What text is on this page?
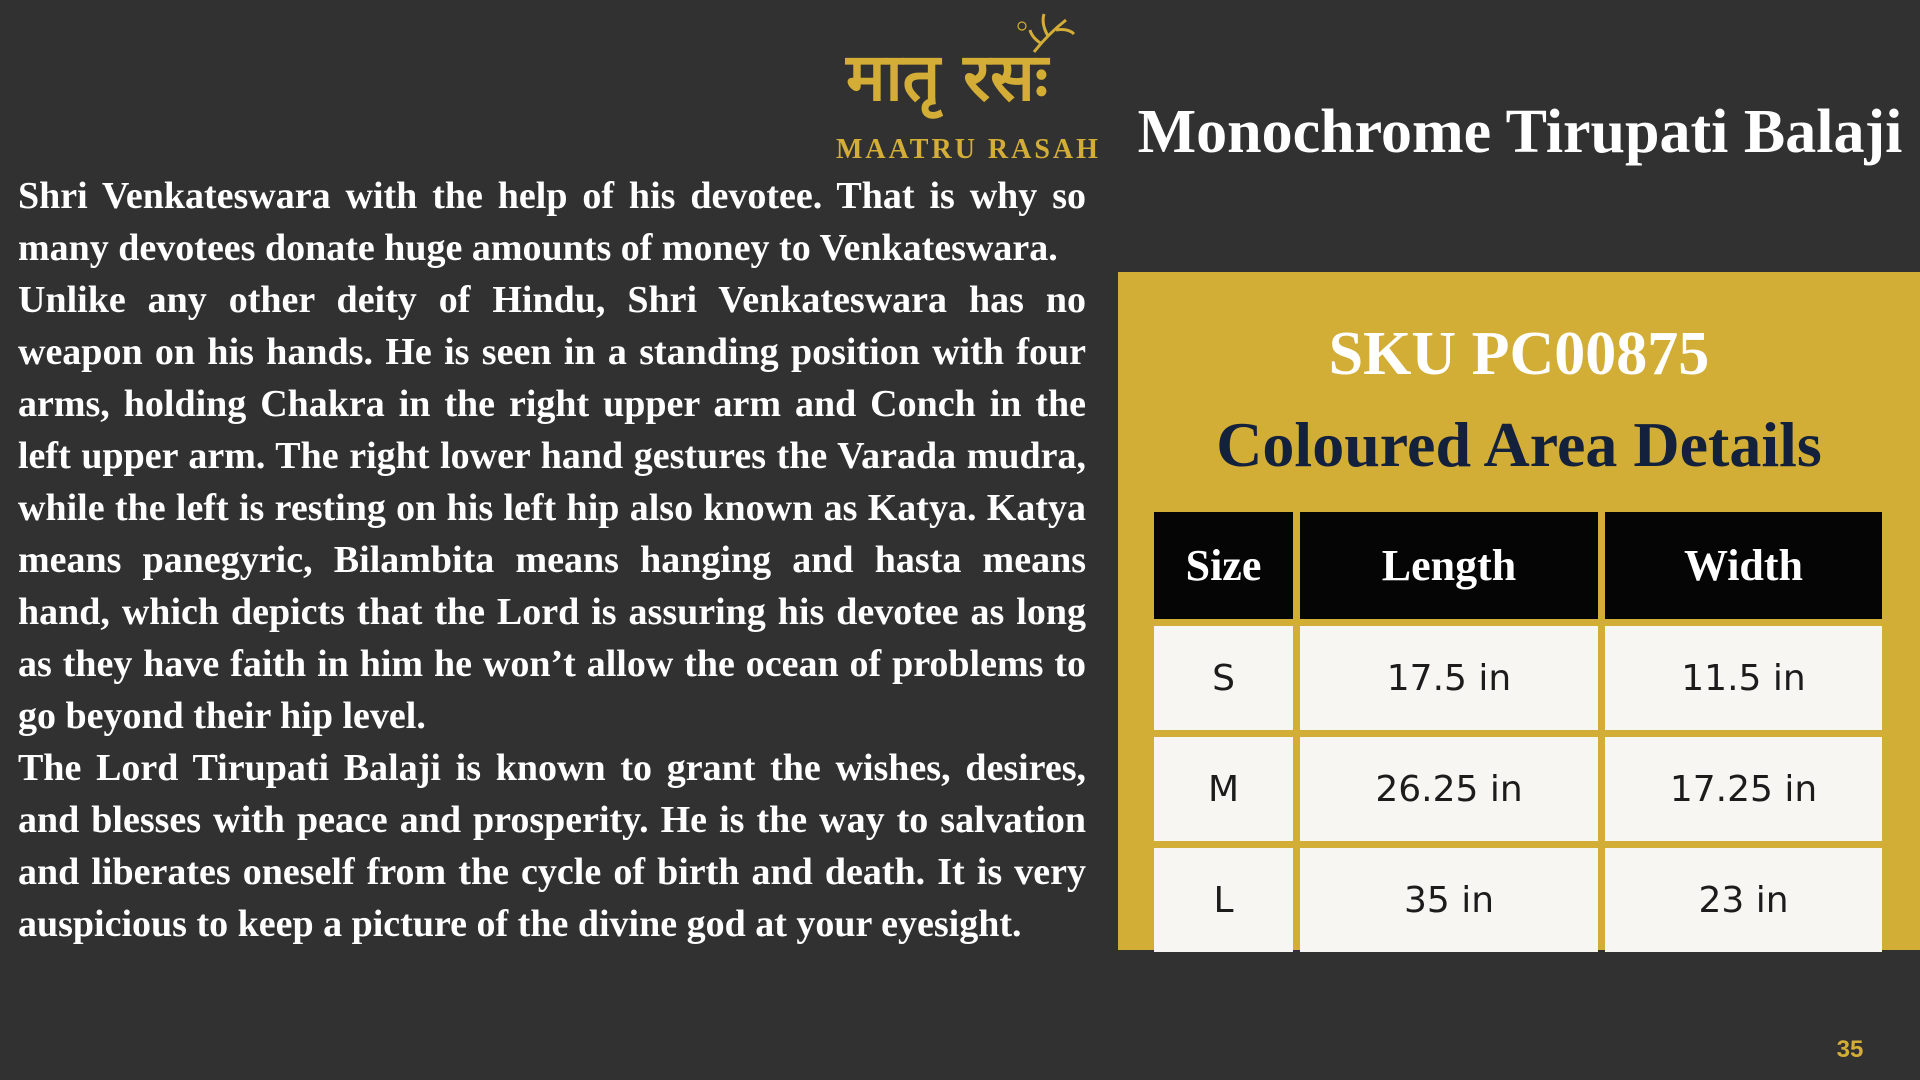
मातृ रसः
MAATRU RASAH

Shri Venkateswara with the help of his devotee. That is why so many devotees donate huge amounts of money to Venkateswara.

Unlike any other deity of Hindu, Shri Venkateswara has no weapon on his hands. He is seen in a standing position with four arms, holding Chakra in the right upper arm and Conch in the left upper arm. The right lower hand gestures the Varada mudra, while the left is resting on his left hip also known as Katya. Katya means panegyric, Bilambita means hanging and hasta means hand, which depicts that the Lord is assuring his devotee as long as they have faith in him he won’t allow the ocean of problems to go beyond their hip level.

The Lord Tirupati Balaji is known to grant the wishes, desires, and blesses with peace and prosperity. He is the way to salvation and liberates oneself from the cycle of birth and death. It is very auspicious to keep a picture of the divine god at your eyesight.

Monochrome Tirupati Balaji
SKU PC00875
Coloured Area Details
Size	Length	Width
S	17.5 in	11.5 in
M	26.25 in	17.25 in
L	35 in	23 in
35
